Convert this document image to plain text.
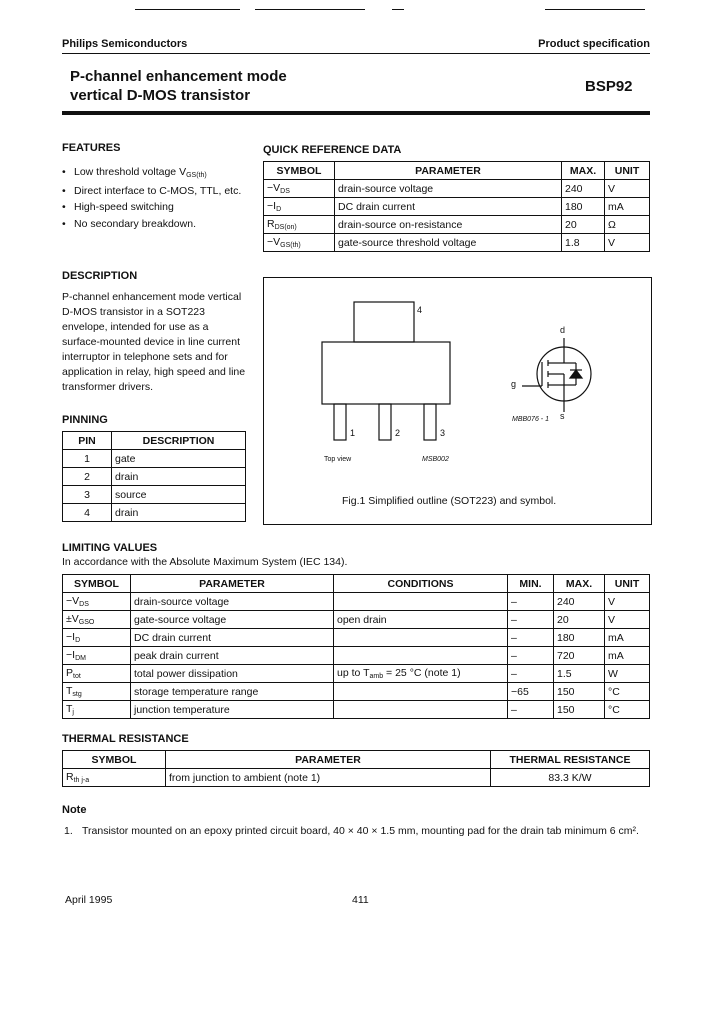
Philips Semiconductors	Product specification
P-channel enhancement mode
vertical D-MOS transistor
BSP92
FEATURES
• Low threshold voltage $V_{GS(th)}$
• Direct interface to C-MOS, TTL, etc.
• High-speed switching
• No secondary breakdown.
DESCRIPTION
P-channel enhancement mode vertical D-MOS transistor in a SOT223 envelope, intended for use as a surface-mounted device in line current interruptor in telephone sets and for application in relay, high speed and line transformer drivers.
PINNING
PIN	DESCRIPTION
1	gate
2	drain
3	source
4	drain
QUICK REFERENCE DATA
SYMBOL	PARAMETER	MAX.	UNIT
$-V_{DS}$	drain-source voltage	240	V
$-I_D$	DC drain current	180	mA
$R_{DS(on)}$	drain-source on-resistance	20	Ω
$-V_{GS(th)}$	gate-source threshold voltage	1.8	V
4
1	2	3
Top view	MSB002
MBB076 - 1
d
g
s
Fig.1 Simplified outline (SOT223) and symbol.
LIMITING VALUES
In accordance with the Absolute Maximum System (IEC 134).
SYMBOL	PARAMETER	CONDITIONS	MIN.	MAX.	UNIT
$-V_{DS}$	drain-source voltage		–	240	V
$\pm V_{GSO}$	gate-source voltage	open drain	–	20	V
$-I_D$	DC drain current		–	180	mA
$-I_{DM}$	peak drain current		–	720	mA
$P_{tot}$	total power dissipation	up to $T_{amb} = 25$ °C (note 1)	–	1.5	W
$T_{stg}$	storage temperature range		−65	150	°C
$T_j$	junction temperature		–	150	°C
THERMAL RESISTANCE
SYMBOL	PARAMETER	THERMAL RESISTANCE
$R_{th j-a}$	from junction to ambient (note 1)	83.3 K/W
Note
1. Transistor mounted on an epoxy printed circuit board, 40 × 40 × 1.5 mm, mounting pad for the drain tab minimum 6 cm².
April 1995	411
